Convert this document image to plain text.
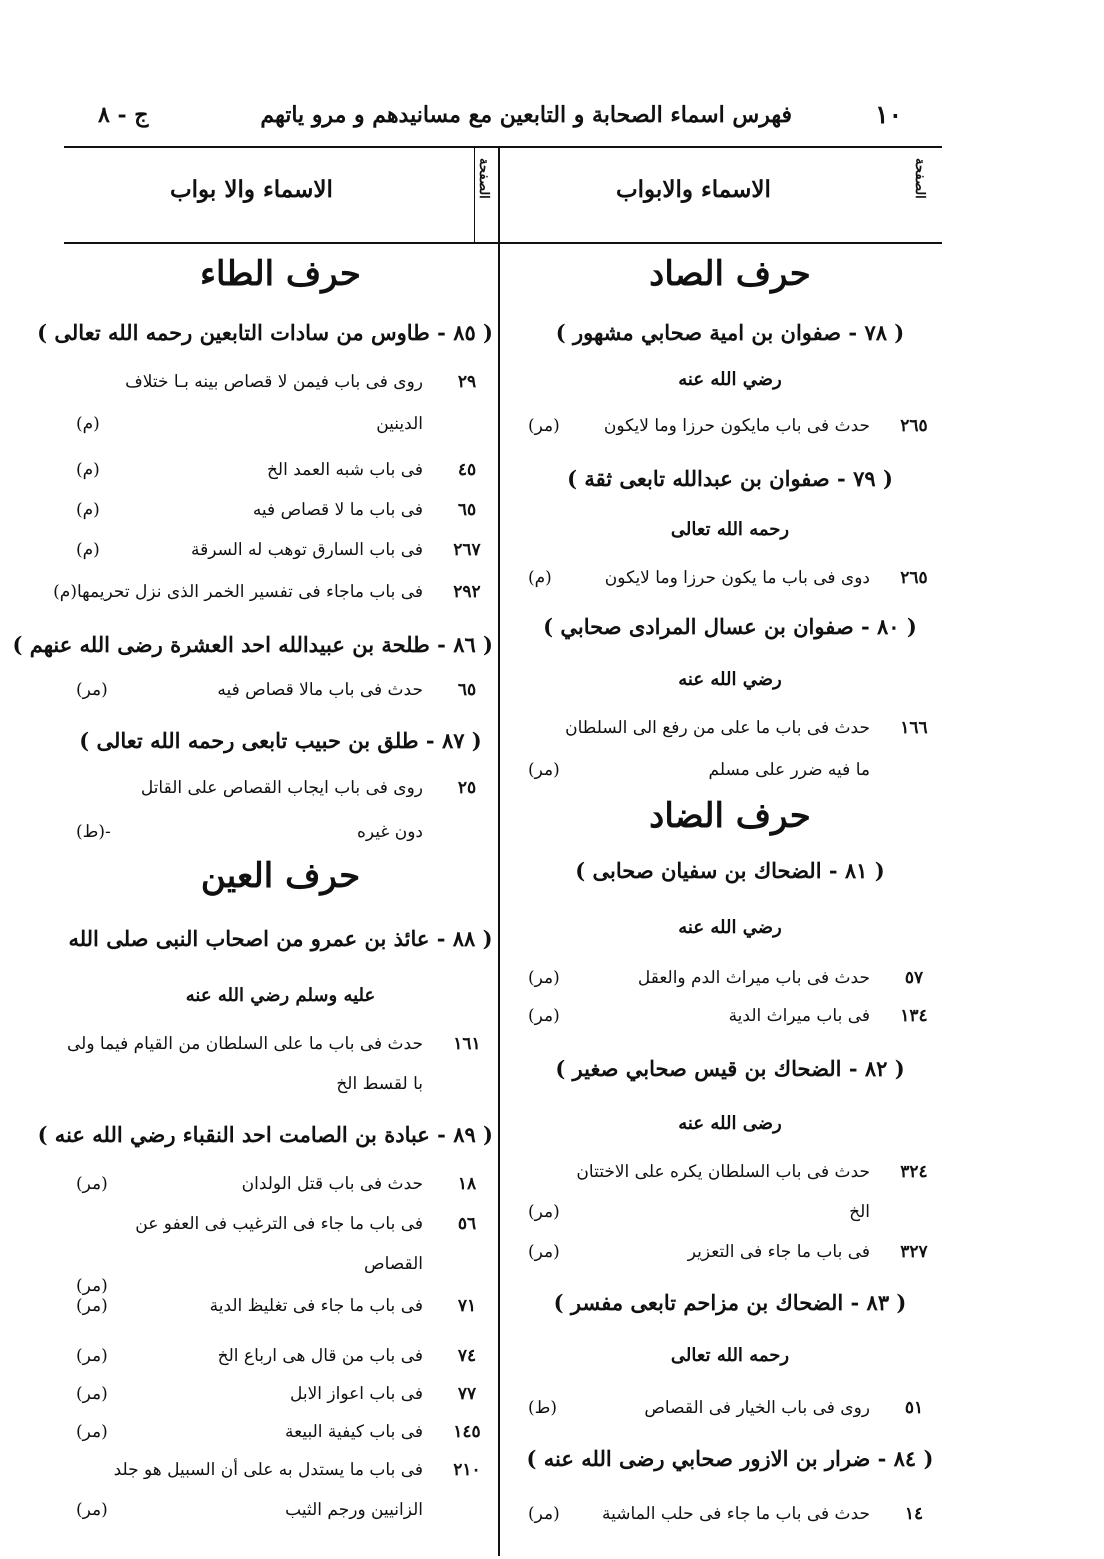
١٠
فهرس اسماء الصحابة و التابعين مع مسانيدهم و مرو ياتهم
ج - ٨
الاسماء والابواب	الصفحة
الاسماء والا بواب	الصفحة
حرف الصاد
( ٧٨ - صفوان بن امية صحابي مشهور )
رضي الله عنه
٢٦٥
حدث فى باب مايكون حرزا وما لايكون
(مر)
( ٧٩ - صفوان بن عبدالله تابعى ثقة )
رحمه الله تعالى
٢٦٥
دوى فى باب ما يكون حرزا وما لايكون
(م)
( ٨٠ - صفوان بن عسال المرادى صحابي )
رضي الله عنه
١٦٦
حدث فى باب ما على من رفع الى السلطان
ما فيه ضرر على مسلم
(مر)
حرف الضاد
( ٨١ - الضحاك بن سفيان صحابى )
رضي الله عنه
٥٧
حدث فى باب ميراث الدم والعقل
(مر)
١٣٤
فى باب ميراث الدية
(مر)
( ٨٢ - الضحاك بن قيس صحابي صغير )
رضى الله عنه
٣٢٤
حدث فى باب السلطان يكره على الاختتان
الخ
(مر)
٣٢٧
فى باب ما جاء فى التعزير
(مر)
( ٨٣ - الضحاك بن مزاحم تابعى مفسر )
رحمه الله تعالى
٥١
روى فى باب الخيار فى القصاص
(ط)
( ٨٤ - ضرار بن الازور صحابي رضى الله عنه )
١٤
حدث فى باب ما جاء فى حلب الماشية
(مر)
حرف الطاء
( ٨٥ - طاوس من سادات التابعين رحمه الله تعالى )
٢٩
روى فى باب فيمن لا قصاص بينه بـا ختلاف
الدينين
(م)
٤٥
فى باب شبه العمد الخ
(م)
٦٥
فى باب ما لا قصاص فيه
(م)
٢٦٧
فى باب السارق توهب له السرقة
(م)
٢٩٢
فى باب ماجاء فى تفسير الخمر الذى نزل تحريمها(م)
( ٨٦ - طلحة بن عبيدالله احد العشرة رضى الله عنهم )
٦٥
حدث فى باب مالا قصاص فيه
(مر)
( ٨٧ - طلق بن حبيب تابعى رحمه الله تعالى )
٢٥
روى فى باب ايجاب القصاص على القاتل
دون غيره
-(ط)
حرف العين
( ٨٨ - عائذ بن عمرو من اصحاب النبى صلى الله
عليه وسلم رضي الله عنه
١٦١
حدث فى باب ما على السلطان من القيام فيما ولى
با لقسط الخ
( ٨٩ - عبادة بن الصامت احد النقباء رضي الله عنه )
١٨
حدث فى باب قتل الولدان
(مر)
٥٦
فى باب ما جاء فى الترغيب فى العفو عن
القصاص
(مر)
٧١
فى باب ما جاء فى تغليظ الدية
(مر)
٧٤
فى باب من قال هى ارباع الخ
(مر)
٧٧
فى باب اعواز الابل
(مر)
١٤٥
فى باب كيفية البيعة
(مر)
٢١٠
فى باب ما يستدل به على أن السبيل هو جلد
الزانيين ورجم الثيب
(مر)
